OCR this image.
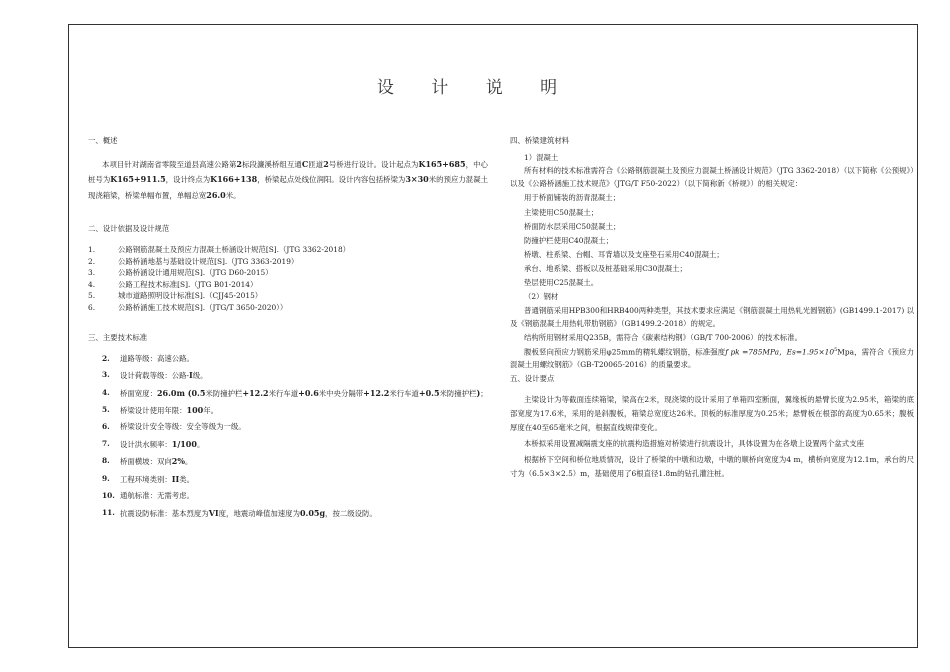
设 计 说 明

一、概述

本项目针对湖南省零陵至道县高速公路第2标段濂溪桥组互通C匝道2号桥进行设计。设计起点为K165+685，中心桩号为K165+911.5，设计终点为K166+138，桥梁起点处线位润阳。设计内容包括桥梁为3×30米的预应力混凝土现浇箱梁，桥梁单幅布置，单幅总宽26.0米。

二、设计依据及设计规范

1.	公路钢筋混凝土及预应力混凝土桥涵设计规范[S].（JTG 3362-2018）
2.	公路桥涵地基与基础设计规范[S].（JTG 3363-2019）
3.	公路桥涵设计通用规范[S].（JTG D60-2015）
4.	公路工程技术标准[S].（JTG B01-2014）
5.	城市道路照明设计标准[S].（CJJ45-2015）
6.	公路桥涵施工技术规范[S].（JTG/T 3650-2020））

三、主要技术标准

2.	道路等级：高速公路。
3.	设计荷载等级：公路-I级。
4.	桥面宽度：26.0m (0.5米防撞护栏+12.2米行车道+0.6米中央分隔带+12.2米行车道+0.5米防撞护栏)；
5.	桥梁设计使用年限：100年。
6.	桥梁设计安全等级：安全等级为一级。
7.	设计洪水频率：1/100。
8.	桥面横坡：双向2%。
9.	工程环境类别：II类。
10. 通航标准：无需考虑。
11. 抗震设防标准：基本烈度为VI度，地震动峰值加速度为0.05g，按二级设防。

四、桥梁建筑材料

1）混凝土

所有材料的技术标准需符合《公路钢筋混凝土及预应力混凝土桥涵设计规范》（JTG 3362-2018）（以下简称《公预规》）以及《公路桥涵施工技术规范》（JTG/T F50-2022）（以下简称新《桥规》）的相关规定：

用于桥面铺装的沥青混凝土；

主梁使用C50混凝土；

桥面防水层采用C50混凝土；

防撞护栏使用C40混凝土；

桥墩、柱系梁、台帽、耳背墙以及支座垫石采用C40混凝土；

承台、地系梁、搭板以及桩基础采用C30混凝土；

垫层使用C25混凝土。

（2）钢材

普通钢筋采用HPB300和HRB400两种类型，其技术要求应满足《钢筋混凝土用热轧光圆钢筋》(GB1499.1-2017) 以及《钢筋混凝土用热轧带肋钢筋》（GB1499.2-2018）的规定。

结构所用钢材采用Q235B，需符合《碳素结构钢》（GB/T 700-2006）的技术标准。

腹板竖向预应力钢筋采用φ25mm的精轧螺纹钢筋，标准强度f pk =785MPa，$Es=1.95\times 10^5Mpa$，需符合《预应力混凝土用螺纹钢筋》（GB-T20065-2016）的质量要求。

五、设计要点

主梁设计为等截面连续箱梁，梁高在2米，现浇梁的设计采用了单箱四室断面，翼缘板的悬臂长度为2.95米，箱梁的底部宽度为17.6米，采用的是斜腹板，箱梁总宽度达26米。顶板的标准厚度为0.25米；悬臂板在根部的高度为0.65米；腹板厚度在40至65毫米之间，根据直线规律变化。

本桥拟采用设置减隔震支座的抗震构造措施对桥梁进行抗震设计，具体设置为在各墩上设置两个盆式支座

根据桥下空间和桥位地质情况，设计了桥梁的中墩和边墩，中墩的顺桥向宽度为4 m，横桥向宽度为12.1m，承台的尺寸为（6.5×3×2.5）m，基础使用了6根直径1.8m的钻孔灌注桩。
